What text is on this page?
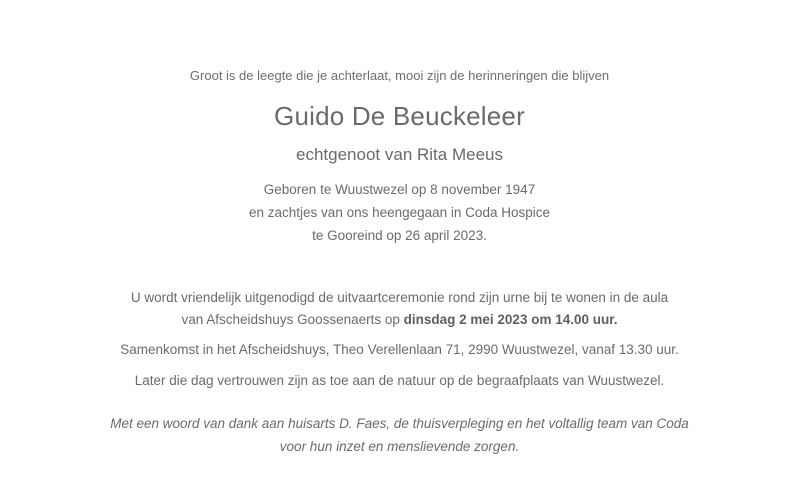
Groot is de leegte die je achterlaat, mooi zijn de herinneringen die blijven
Guido De Beuckeleer
echtgenoot van Rita Meeus
Geboren te Wuustwezel op 8 november 1947
en zachtjes van ons heengegaan in Coda Hospice
te Gooreind op 26 april 2023.
U wordt vriendelijk uitgenodigd de uitvaartceremonie rond zijn urne bij te wonen in de aula
van Afscheidshuys Goossenaerts op dinsdag 2 mei 2023 om 14.00 uur.
Samenkomst in het Afscheidshuys, Theo Verellenlaan 71, 2990 Wuustwezel, vanaf 13.30 uur.
Later die dag vertrouwen zijn as toe aan de natuur op de begraafplaats van Wuustwezel.
Met een woord van dank aan huisarts D. Faes, de thuisverpleging en het voltallig team van Coda
voor hun inzet en menslievende zorgen.
